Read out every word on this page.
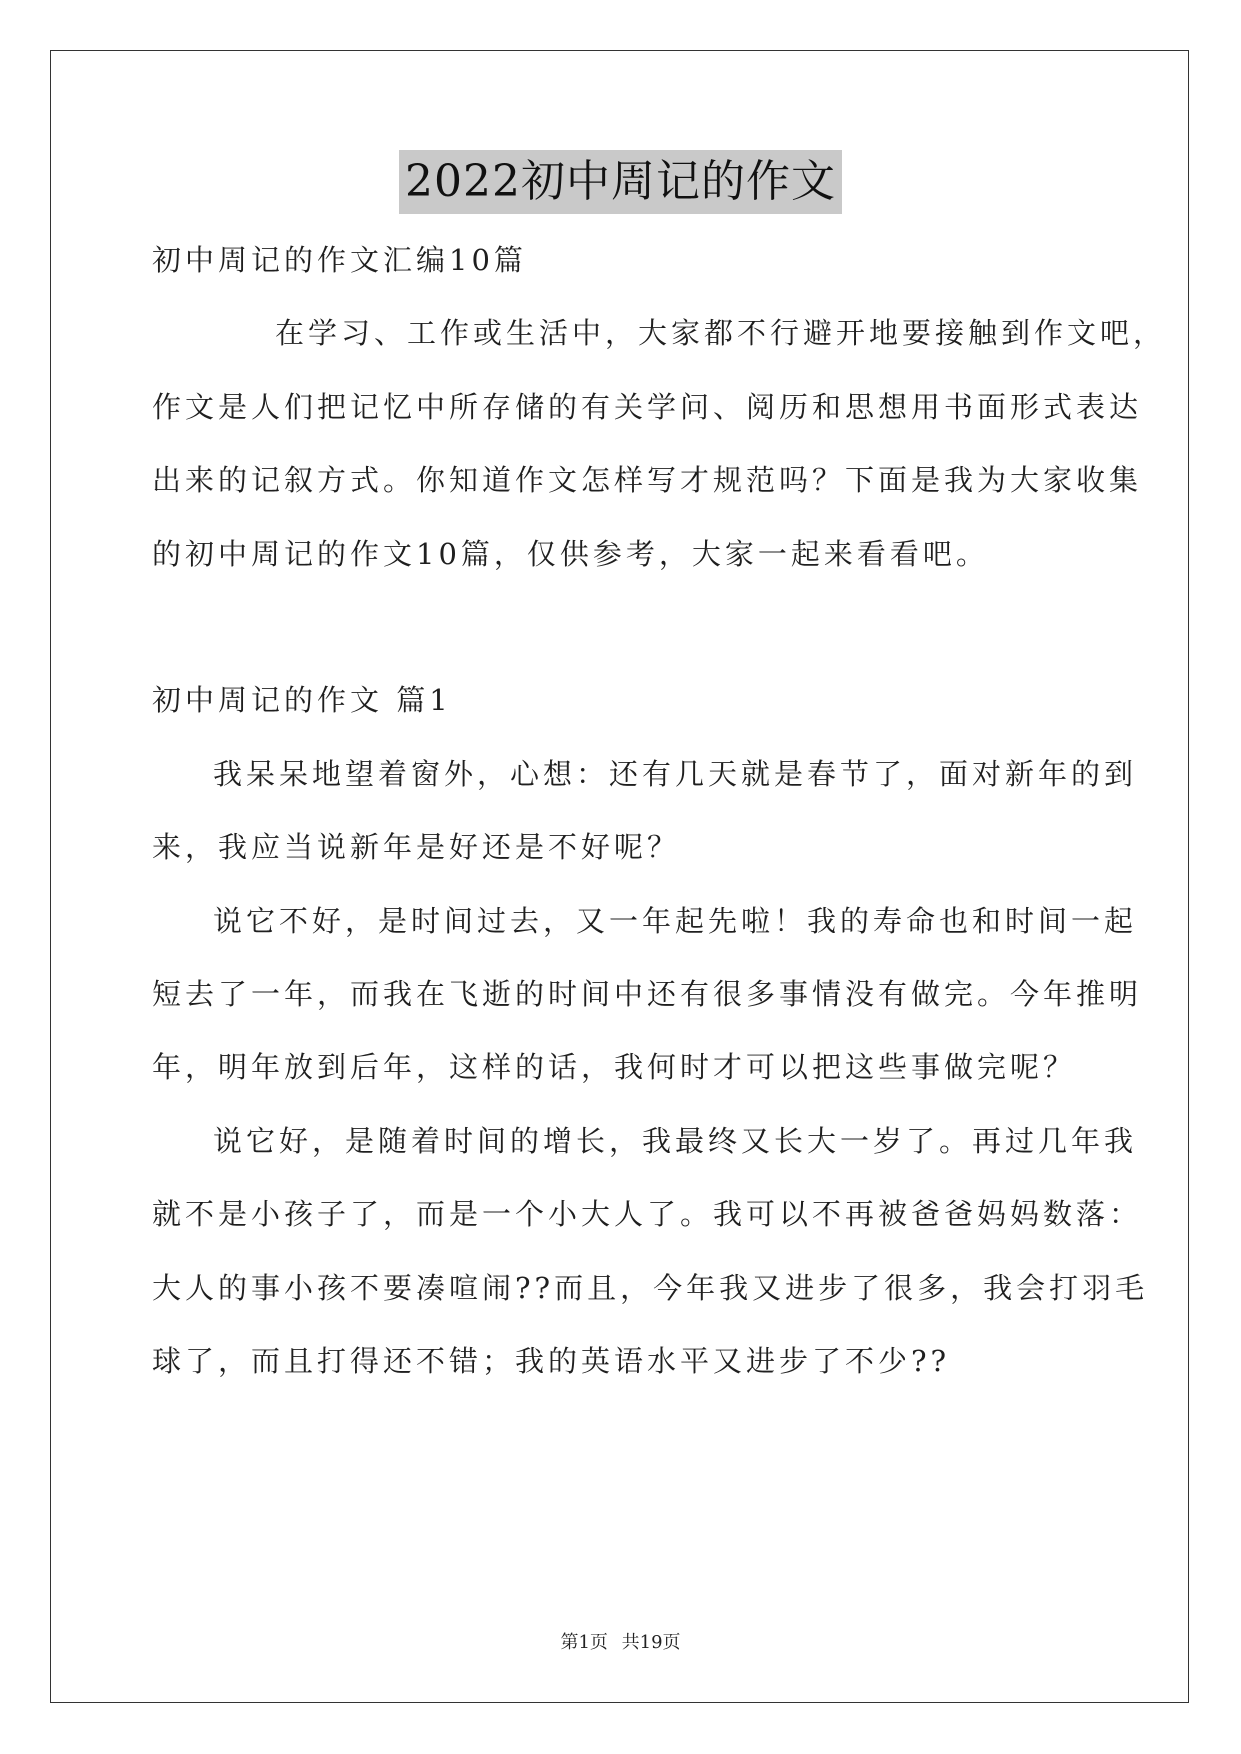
2022初中周记的作文
初中周记的作文汇编10篇
在学习、工作或生活中，大家都不行避开地要接触到作文吧，
作文是人们把记忆中所存储的有关学问、阅历和思想用书面形式表达
出来的记叙方式。你知道作文怎样写才规范吗？下面是我为大家收集
的初中周记的作文10篇，仅供参考，大家一起来看看吧。
初中周记的作文 篇1
我呆呆地望着窗外，心想：还有几天就是春节了，面对新年的到
来，我应当说新年是好还是不好呢？
说它不好，是时间过去，又一年起先啦！我的寿命也和时间一起
短去了一年，而我在飞逝的时间中还有很多事情没有做完。今年推明
年，明年放到后年，这样的话，我何时才可以把这些事做完呢？
说它好，是随着时间的增长，我最终又长大一岁了。再过几年我
就不是小孩子了，而是一个小大人了。我可以不再被爸爸妈妈数落：
大人的事小孩不要凑喧闹??而且，今年我又进步了很多，我会打羽毛
球了，而且打得还不错；我的英语水平又进步了不少??
第1页 共19页
